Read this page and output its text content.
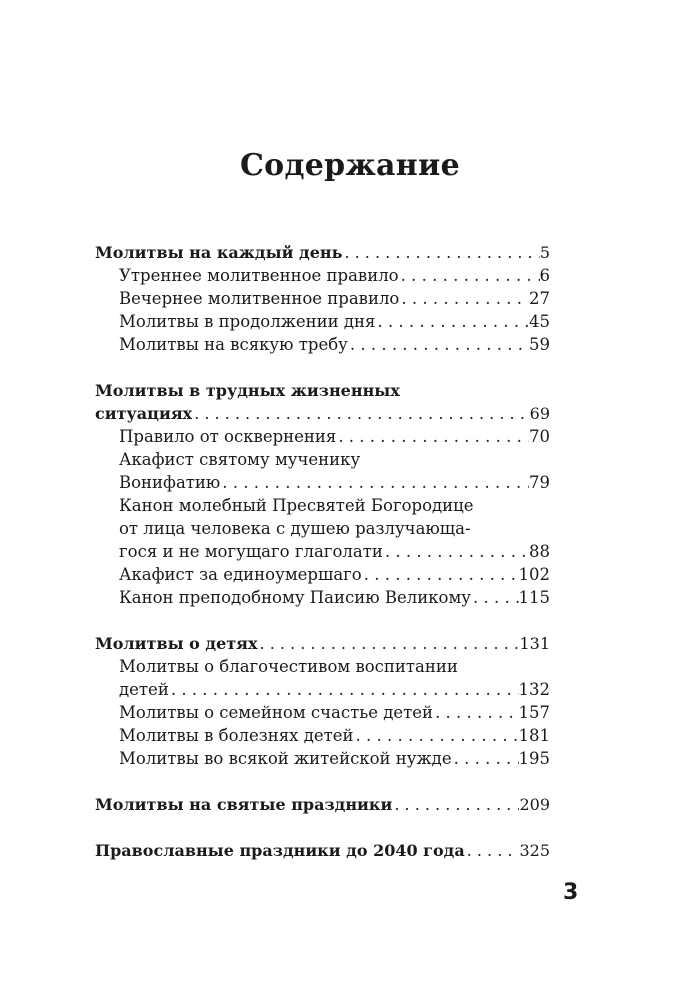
Содержание
Молитвы на каждый день . . .	5
Утреннее молитвенное правило . . .	6
Вечернее молитвенное правило . . .	27
Молитвы в продолжении дня . . .	45
Молитвы на всякую требу . . .	59
Молитвы в трудных жизненных
ситуациях . . .	69
Правило от осквернения . . .	70
Акафист святому мученику
Вонифатию . . .	79
Канон молебный Пресвятей Богородице
от лица человека с душею разлучающа-
гося и не могущаго глаголати . . .	88
Акафист за единоумершаго . . .	102
Канон преподобному Паисию Великому . . .	115
Молитвы о детях . . .	131
Молитвы о благочестивом воспитании
детей . . .	132
Молитвы о семейном счастье детей . . .	157
Молитвы в болезнях детей . . .	181
Молитвы во всякой житейской нужде . . .	195
Молитвы на святые праздники . . .	209
Православные праздники до 2040 года . . .	325
3
